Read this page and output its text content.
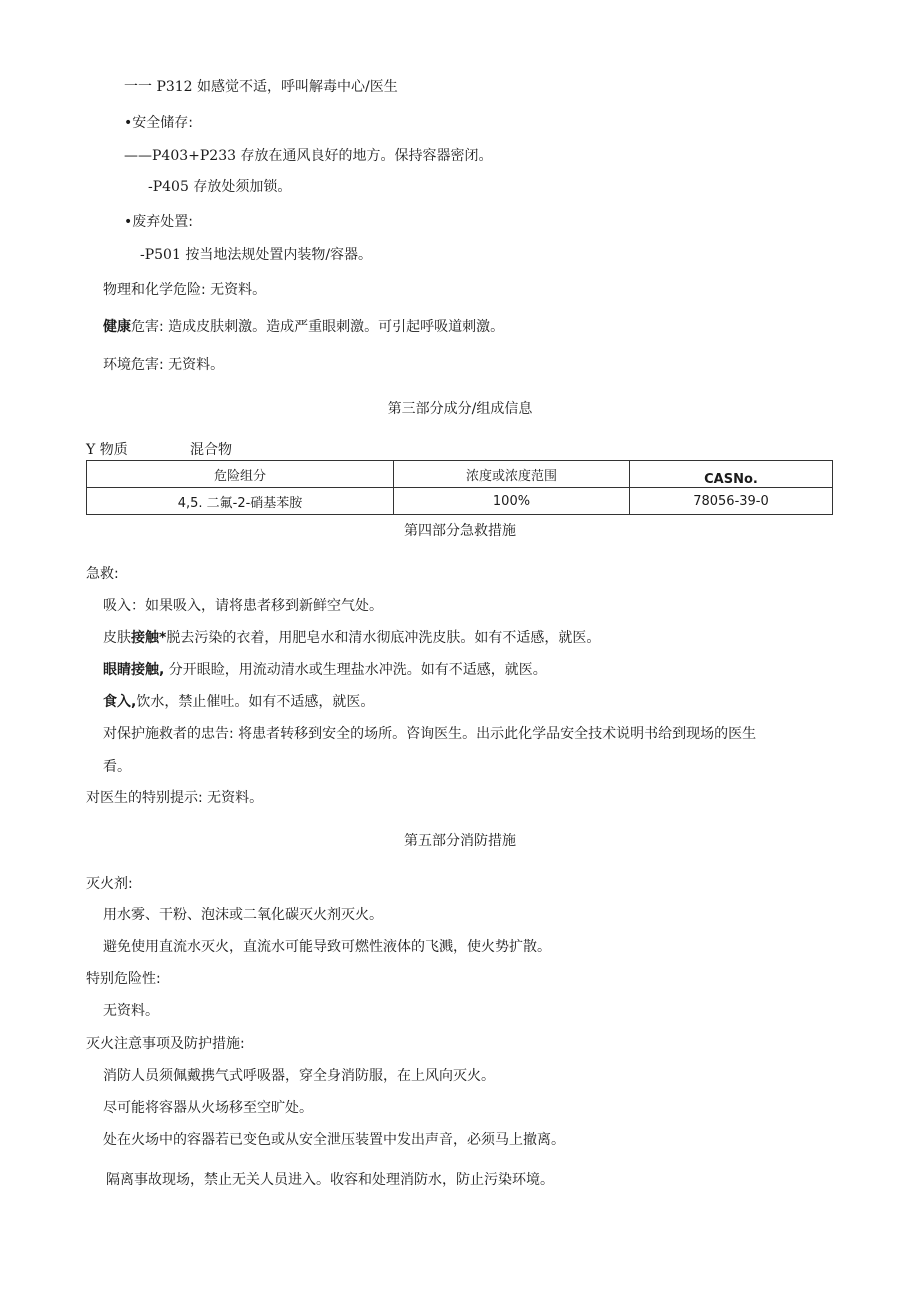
一一 P312 如感觉不适，呼叫解毒中心/医生
•安全储存:
——P403+P233 存放在通风良好的地方。保持容器密闭。
-P405 存放处须加锁。
•废弃处置:
-P501 按当地法规处置内装物/容器。
物理和化学危险: 无资料。
健康危害: 造成皮肤刺激。造成严重眼刺激。可引起呼吸道刺激。
环境危害: 无资料。
第三部分成分/组成信息
Y 物质	混合物
危险组分	浓度或浓度范围	CASNo.
4,5. 二氟-2-硝基苯胺	100%	78056-39-0
第四部分急救措施
急救:
吸入：如果吸入，请将患者移到新鲜空气处。
皮肤接触*脱去污染的衣着，用肥皂水和清水彻底冲洗皮肤。如有不适感，就医。
眼睛接触, 分开眼睑，用流动清水或生理盐水冲洗。如有不适感，就医。
食入,饮水，禁止催吐。如有不适感，就医。
对保护施救者的忠告: 将患者转移到安全的场所。咨询医生。出示此化学品安全技术说明书给到现场的医生
看。
对医生的特别提示: 无资料。
第五部分消防措施
灭火剂:
用水雾、干粉、泡沫或二氧化碳灭火剂灭火。
避免使用直流水灭火，直流水可能导致可燃性液体的飞溅，使火势扩散。
特别危险性:
无资料。
灭火注意事项及防护措施:
消防人员须佩戴携气式呼吸器，穿全身消防服，在上风向灭火。
尽可能将容器从火场移至空旷处。
处在火场中的容器若已变色或从安全泄压装置中发出声音，必须马上撤离。
隔离事故现场，禁止无关人员进入。收容和处理消防水，防止污染环境。
